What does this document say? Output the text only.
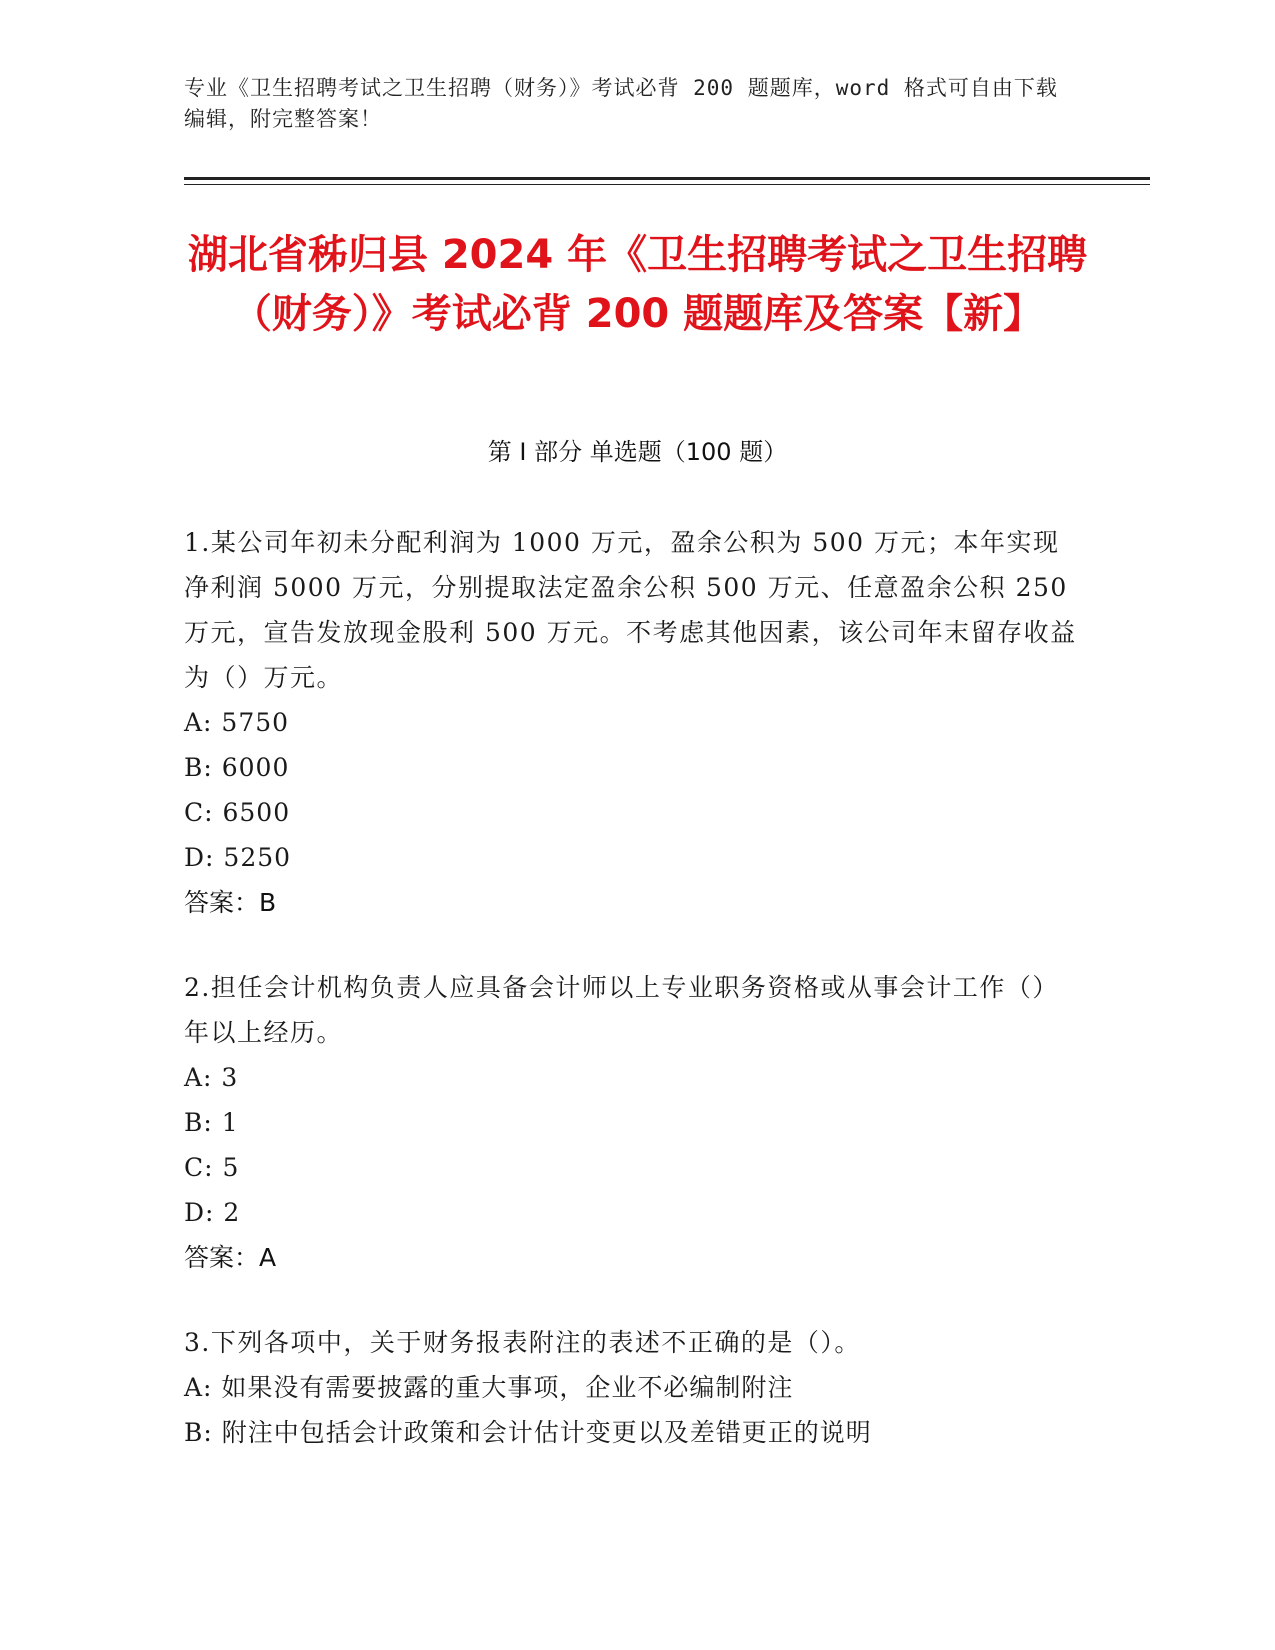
专业《卫生招聘考试之卫生招聘（财务）》考试必背 200 题题库，word 格式可自由下载编辑，附完整答案！
湖北省秭归县 2024 年《卫生招聘考试之卫生招聘（财务）》考试必背 200 题题库及答案【新】
第 I 部分 单选题（100 题）

1.某公司年初未分配利润为 1000 万元，盈余公积为 500 万元；本年实现净利润 5000 万元，分别提取法定盈余公积 500 万元、任意盈余公积 250 万元，宣告发放现金股利 500 万元。不考虑其他因素，该公司年末留存收益为（）万元。

A: 5750

B: 6000

C: 6500

D: 5250

答案：B

2.担任会计机构负责人应具备会计师以上专业职务资格或从事会计工作（）年以上经历。

A: 3

B: 1

C: 5

D: 2

答案：A

3.下列各项中，关于财务报表附注的表述不正确的是（）。

A: 如果没有需要披露的重大事项，企业不必编制附注

B: 附注中包括会计政策和会计估计变更以及差错更正的说明
